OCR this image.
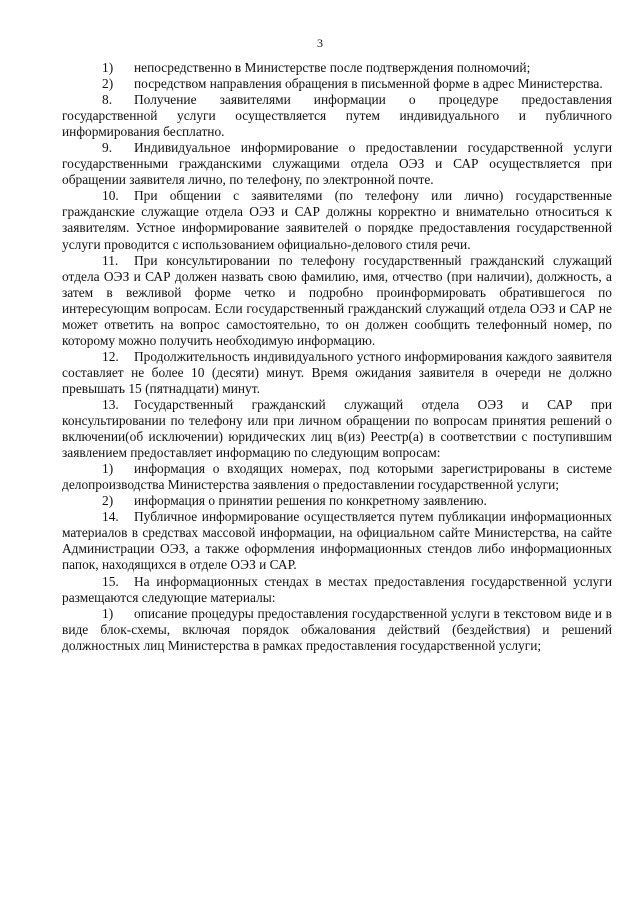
3

1) непосредственно в Министерстве после подтверждения полномочий;

2) посредством направления обращения в письменной форме в адрес Министерства.

8. Получение заявителями информации о процедуре предоставления государственной услуги осуществляется путем индивидуального и публичного информирования бесплатно.

9. Индивидуальное информирование о предоставлении государственной услуги государственными гражданскими служащими отдела ОЭЗ и САР осуществляется при обращении заявителя лично, по телефону, по электронной почте.

10. При общении с заявителями (по телефону или лично) государственные гражданские служащие отдела ОЭЗ и САР должны корректно и внимательно относиться к заявителям. Устное информирование заявителей о порядке предоставления государственной услуги проводится с использованием официально-делового стиля речи.

11. При консультировании по телефону государственный гражданский служащий отдела ОЭЗ и САР должен назвать свою фамилию, имя, отчество (при наличии), должность, а затем в вежливой форме четко и подробно проинформировать обратившегося по интересующим вопросам. Если государственный гражданский служащий отдела ОЭЗ и САР не может ответить на вопрос самостоятельно, то он должен сообщить телефонный номер, по которому можно получить необходимую информацию.

12. Продолжительность индивидуального устного информирования каждого заявителя составляет не более 10 (десяти) минут. Время ожидания заявителя в очереди не должно превышать 15 (пятнадцати) минут.

13. Государственный гражданский служащий отдела ОЭЗ и САР при консультировании по телефону или при личном обращении по вопросам принятия решений о включении(об исключении) юридических лиц в(из) Реестр(а) в соответствии с поступившим заявлением предоставляет информацию по следующим вопросам:

1) информация о входящих номерах, под которыми зарегистрированы в системе делопроизводства Министерства заявления о предоставлении государственной услуги;

2) информация о принятии решения по конкретному заявлению.

14. Публичное информирование осуществляется путем публикации информационных материалов в средствах массовой информации, на официальном сайте Министерства, на сайте Администрации ОЭЗ, а также оформления информационных стендов либо информационных папок, находящихся в отделе ОЭЗ и САР.

15. На информационных стендах в местах предоставления государственной услуги размещаются следующие материалы:

1) описание процедуры предоставления государственной услуги в текстовом виде и в виде блок-схемы, включая порядок обжалования действий (бездействия) и решений должностных лиц Министерства в рамках предоставления государственной услуги;
